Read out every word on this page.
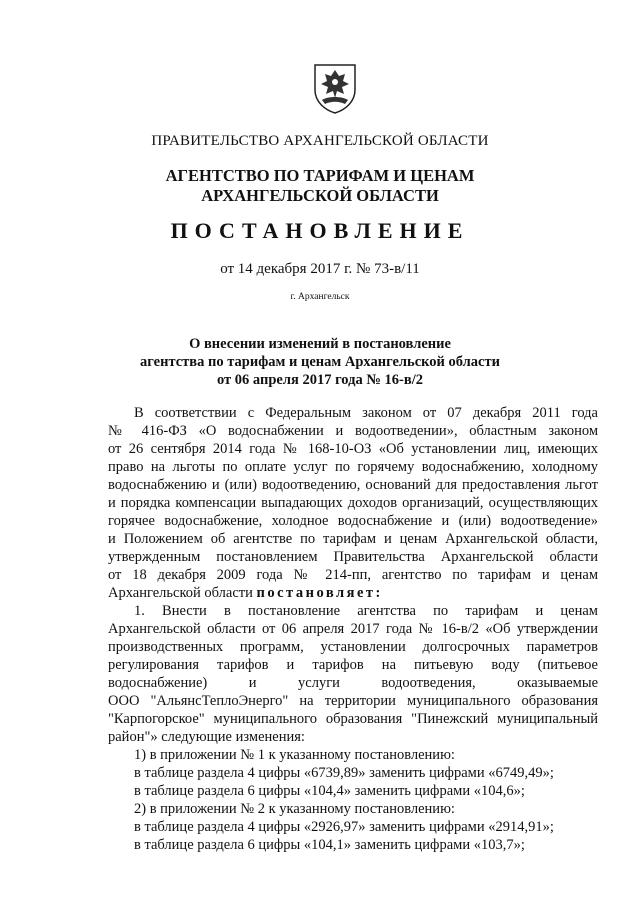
ПРАВИТЕЛЬСТВО АРХАНГЕЛЬСКОЙ ОБЛАСТИ
АГЕНТСТВО ПО ТАРИФАМ И ЦЕНАМ
АРХАНГЕЛЬСКОЙ ОБЛАСТИ
ПОСТАНОВЛЕНИЕ
от 14 декабря 2017 г. № 73-в/11
г. Архангельск
О внесении изменений в постановление
агентства по тарифам и ценам Архангельской области
от 06 апреля 2017 года № 16-в/2
В соответствии с Федеральным законом от 07 декабря 2011 года
№ 416-ФЗ «О водоснабжении и водоотведении», областным законом
от 26 сентября 2014 года № 168-10-ОЗ «Об установлении лиц, имеющих
право на льготы по оплате услуг по горячему водоснабжению, холодному
водоснабжению и (или) водоотведению, оснований для предоставления льгот
и порядка компенсации выпадающих доходов организаций, осуществляющих
горячее водоснабжение, холодное водоснабжение и (или) водоотведение»
и Положением об агентстве по тарифам и ценам Архангельской области,
утвержденным постановлением Правительства Архангельской области
от 18 декабря 2009 года № 214-пп, агентство по тарифам и ценам
Архангельской области постановляет:
1. Внести в постановление агентства по тарифам и ценам
Архангельской области от 06 апреля 2017 года № 16-в/2 «Об утверждении
производственных программ, установлении долгосрочных параметров
регулирования тарифов и тарифов на питьевую воду (питьевое
водоснабжение) и услуги водоотведения, оказываемые
ООО "АльянсТеплоЭнерго" на территории муниципального образования
"Карпогорское" муниципального образования "Пинежский муниципальный
район"» следующие изменения:
1) в приложении № 1 к указанному постановлению:
в таблице раздела 4 цифры «6739,89» заменить цифрами «6749,49»;
в таблице раздела 6 цифры «104,4» заменить цифрами «104,6»;
2) в приложении № 2 к указанному постановлению:
в таблице раздела 4 цифры «2926,97» заменить цифрами «2914,91»;
в таблице раздела 6 цифры «104,1» заменить цифрами «103,7»;
